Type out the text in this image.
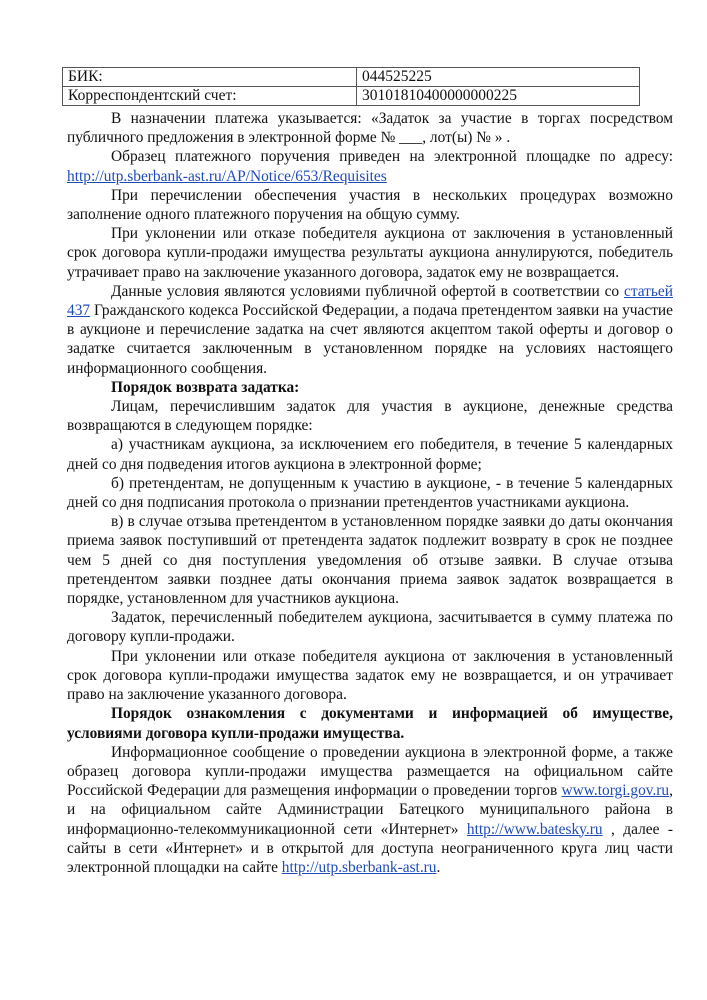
БИК:	044525225
Корреспондентский счет:	30101810400000000225

В назначении платежа указывается: «Задаток за участие в торгах посредством публичного предложения в электронной форме № ___, лот(ы) № » .

Образец платежного поручения приведен на электронной площадке по адресу: http://utp.sberbank-ast.ru/AP/Notice/653/Requisites

При перечислении обеспечения участия в нескольких процедурах возможно заполнение одного платежного поручения на общую сумму.

При уклонении или отказе победителя аукциона от заключения в установленный срок договора купли-продажи имущества результаты аукциона аннулируются, победитель утрачивает право на заключение указанного договора, задаток ему не возвращается.

Данные условия являются условиями публичной офертой в соответствии со статьей 437 Гражданского кодекса Российской Федерации, а подача претендентом заявки на участие в аукционе и перечисление задатка на счет являются акцептом такой оферты и договор о задатке считается заключенным в установленном порядке на условиях настоящего информационного сообщения.

Порядок возврата задатка:

Лицам, перечислившим задаток для участия в аукционе, денежные средства возвращаются в следующем порядке:

а) участникам аукциона, за исключением его победителя, в течение 5 календарных дней со дня подведения итогов аукциона в электронной форме;

б) претендентам, не допущенным к участию в аукционе, - в течение 5 календарных дней со дня подписания протокола о признании претендентов участниками аукциона.

в) в случае отзыва претендентом в установленном порядке заявки до даты окончания приема заявок поступивший от претендента задаток подлежит возврату в срок не позднее чем 5 дней со дня поступления уведомления об отзыве заявки. В случае отзыва претендентом заявки позднее даты окончания приема заявок задаток возвращается в порядке, установленном для участников аукциона.

Задаток, перечисленный победителем аукциона, засчитывается в сумму платежа по договору купли-продажи.

При уклонении или отказе победителя аукциона от заключения в установленный срок договора купли-продажи имущества задаток ему не возвращается, и он утрачивает право на заключение указанного договора.

Порядок ознакомления с документами и информацией об имуществе, условиями договора купли-продажи имущества.

Информационное сообщение о проведении аукциона в электронной форме, а также образец договора купли-продажи имущества размещается на официальном сайте Российской Федерации для размещения информации о проведении торгов www.torgi.gov.ru, и на официальном сайте Администрации Батецкого муниципального района в информационно-телекоммуникационной сети «Интернет» http://www.batesky.ru , далее - сайты в сети «Интернет» и в открытой для доступа неограниченного круга лиц части электронной площадки на сайте http://utp.sberbank-ast.ru.
